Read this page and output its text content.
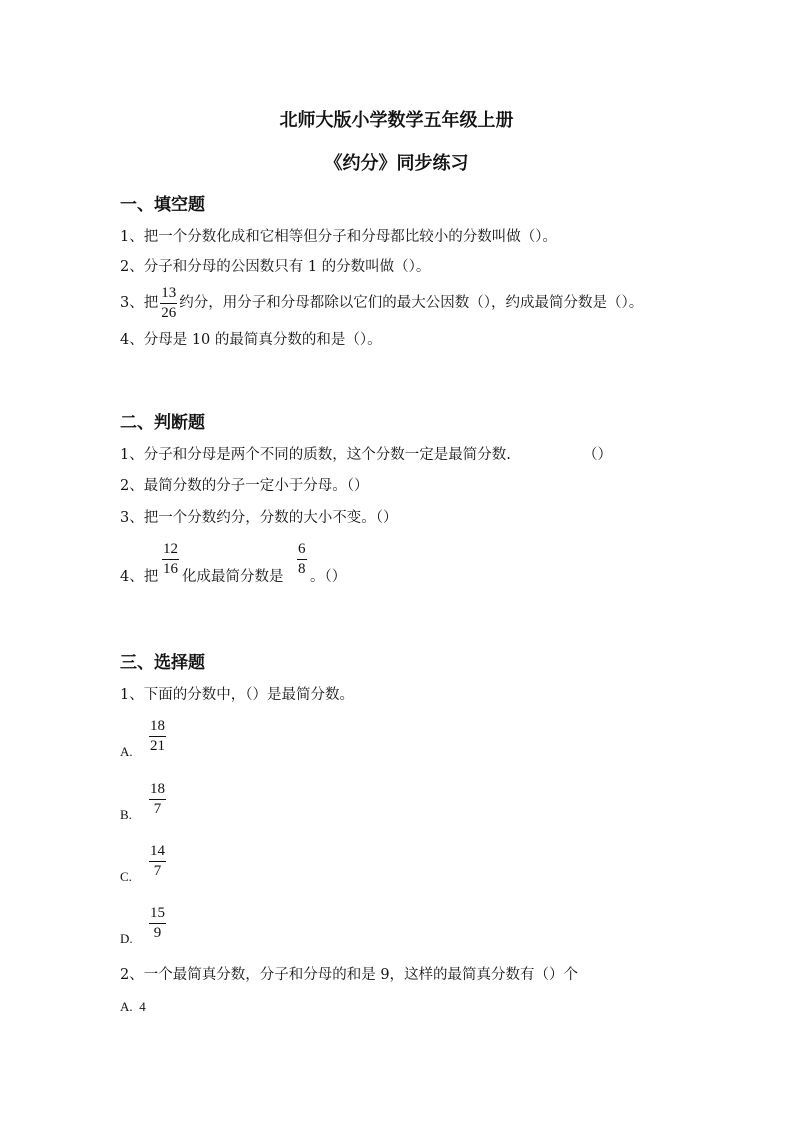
北师大版小学数学五年级上册
《约分》同步练习
一、填空题
1、把一个分数化成和它相等但分子和分母都比较小的分数叫做（）。
2、分子和分母的公因数只有 1 的分数叫做（）。
3、把 $\frac{13}{26}$ 约分，用分子和分母都除以它们的最大公因数（），约成最简分数是（）。
4、分母是 10 的最简真分数的和是（）。
二、判断题
1、分子和分母是两个不同的质数，这个分数一定是最简分数.	（）
2、最简分数的分子一定小于分母。（）
3、把一个分数约分，分数的大小不变。（）
4、把
12
16 化成最简分数是
6
8 。（）
三、选择题
1、下面的分数中，（）是最简分数。
A.
18
21
B.
18
7
C.
14
7
D.
15
9
2、一个最简真分数，分子和分母的和是 9，这样的最简真分数有（）个
A. 4
